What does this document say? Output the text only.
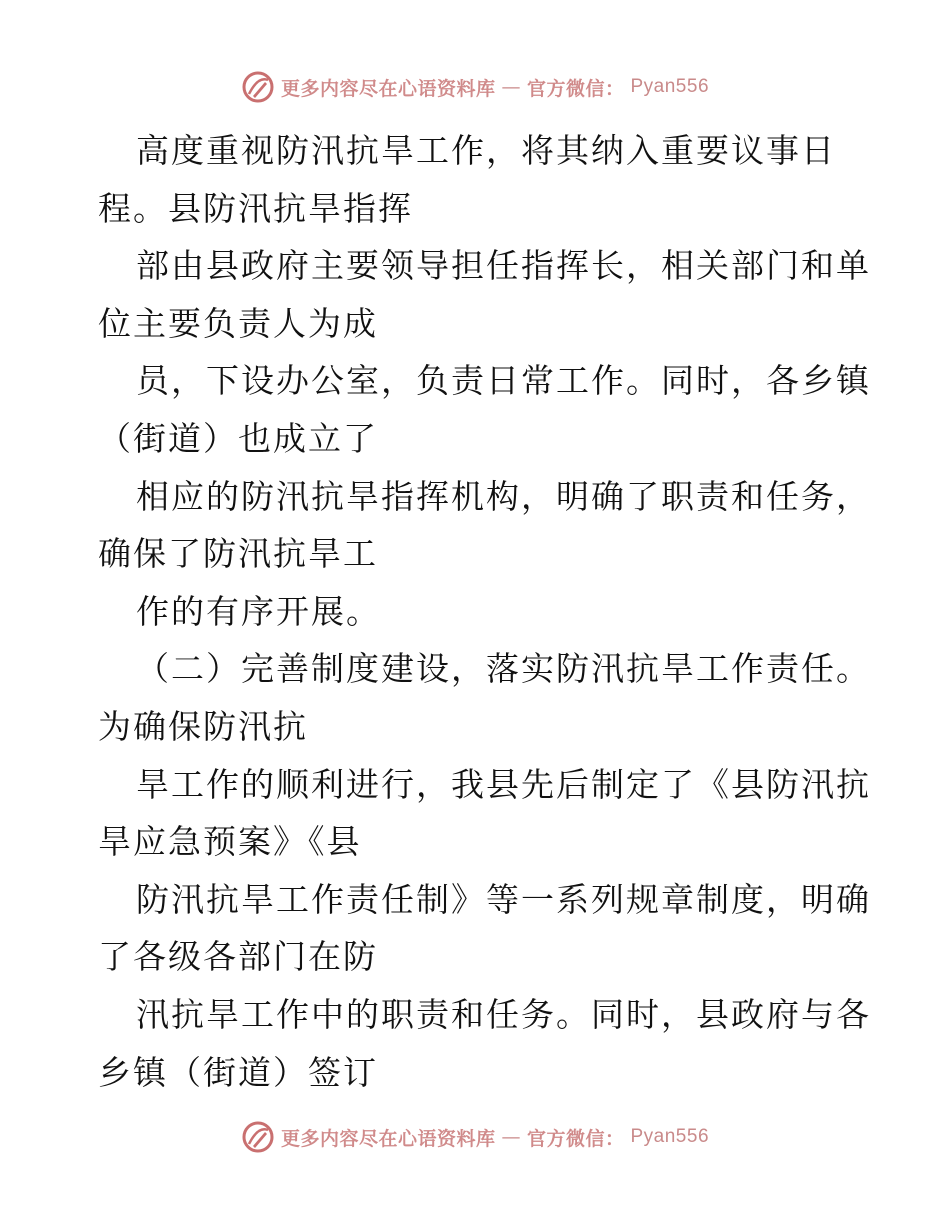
更多内容尽在心语资料库 — 官方微信： Pyan556
高度重视防汛抗旱工作，将其纳入重要议事日
程。县防汛抗旱指挥
部由县政府主要领导担任指挥长，相关部门和单
位主要负责人为成
员，下设办公室，负责日常工作。同时，各乡镇
（街道）也成立了
相应的防汛抗旱指挥机构，明确了职责和任务，
确保了防汛抗旱工
作的有序开展。
（二）完善制度建设，落实防汛抗旱工作责任。
为确保防汛抗
旱工作的顺利进行，我县先后制定了《县防汛抗
旱应急预案》《县
防汛抗旱工作责任制》等一系列规章制度，明确
了各级各部门在防
汛抗旱工作中的职责和任务。同时，县政府与各
乡镇（街道）签订
更多内容尽在心语资料库 — 官方微信： Pyan556
